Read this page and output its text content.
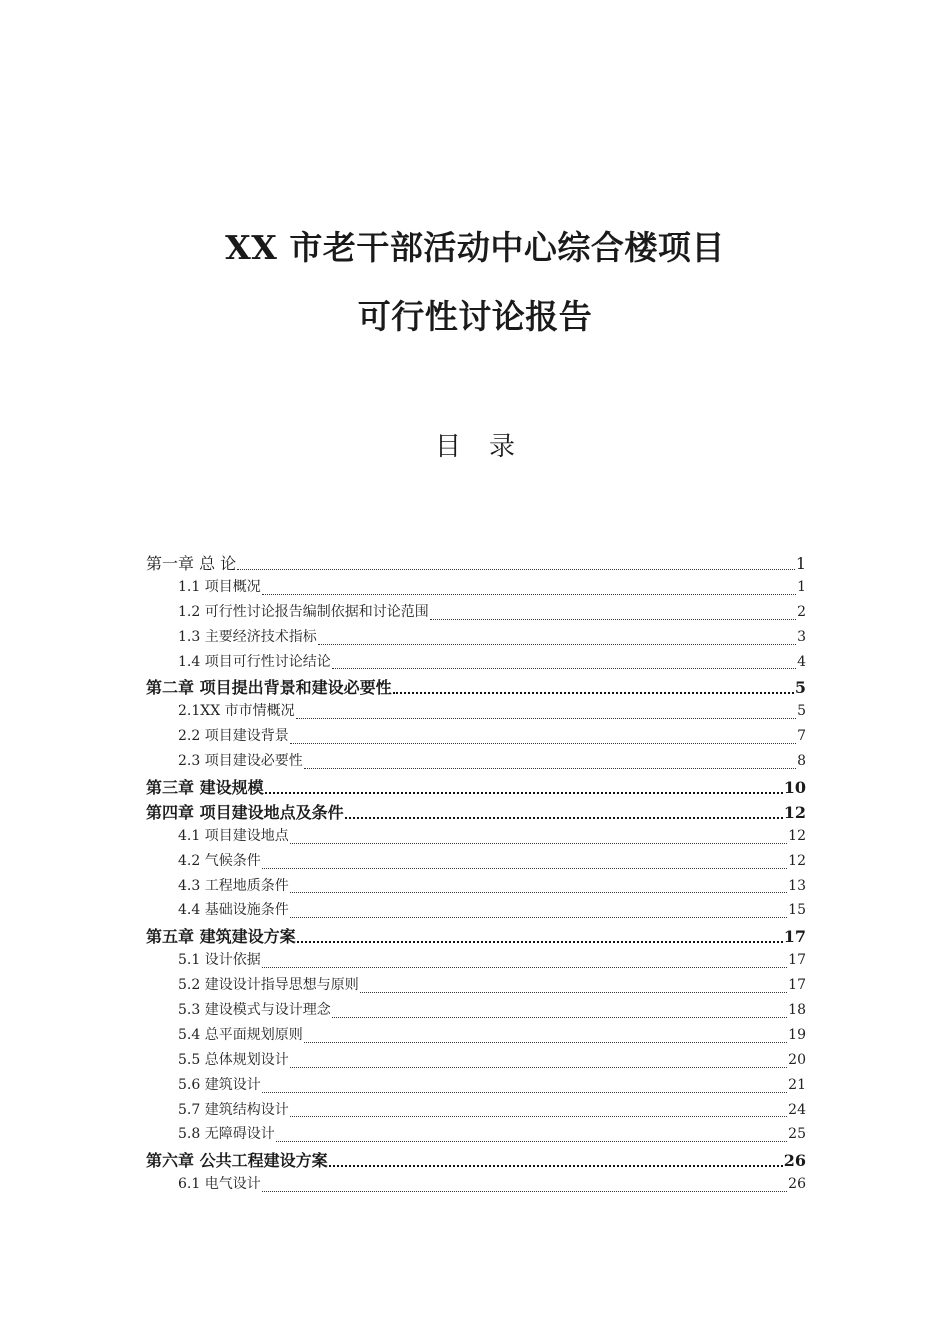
XX 市老干部活动中心综合楼项目
可行性讨论报告
目 录
第一章 总 论	1
1.1 项目概况	1
1.2 可行性讨论报告编制依据和讨论范围	2
1.3 主要经济技术指标	3
1.4 项目可行性讨论结论	4
第二章 项目提出背景和建设必要性	5
2.1XX 市市情概况	5
2.2 项目建设背景	7
2.3 项目建设必要性	8
第三章 建设规模	10
第四章 项目建设地点及条件	12
4.1 项目建设地点	12
4.2 气候条件	12
4.3 工程地质条件	13
4.4 基础设施条件	15
第五章 建筑建设方案	17
5.1 设计依据	17
5.2 建设设计指导思想与原则	17
5.3 建设模式与设计理念	18
5.4 总平面规划原则	19
5.5 总体规划设计	20
5.6 建筑设计	21
5.7 建筑结构设计	24
5.8 无障碍设计	25
第六章 公共工程建设方案	26
6.1 电气设计	26
